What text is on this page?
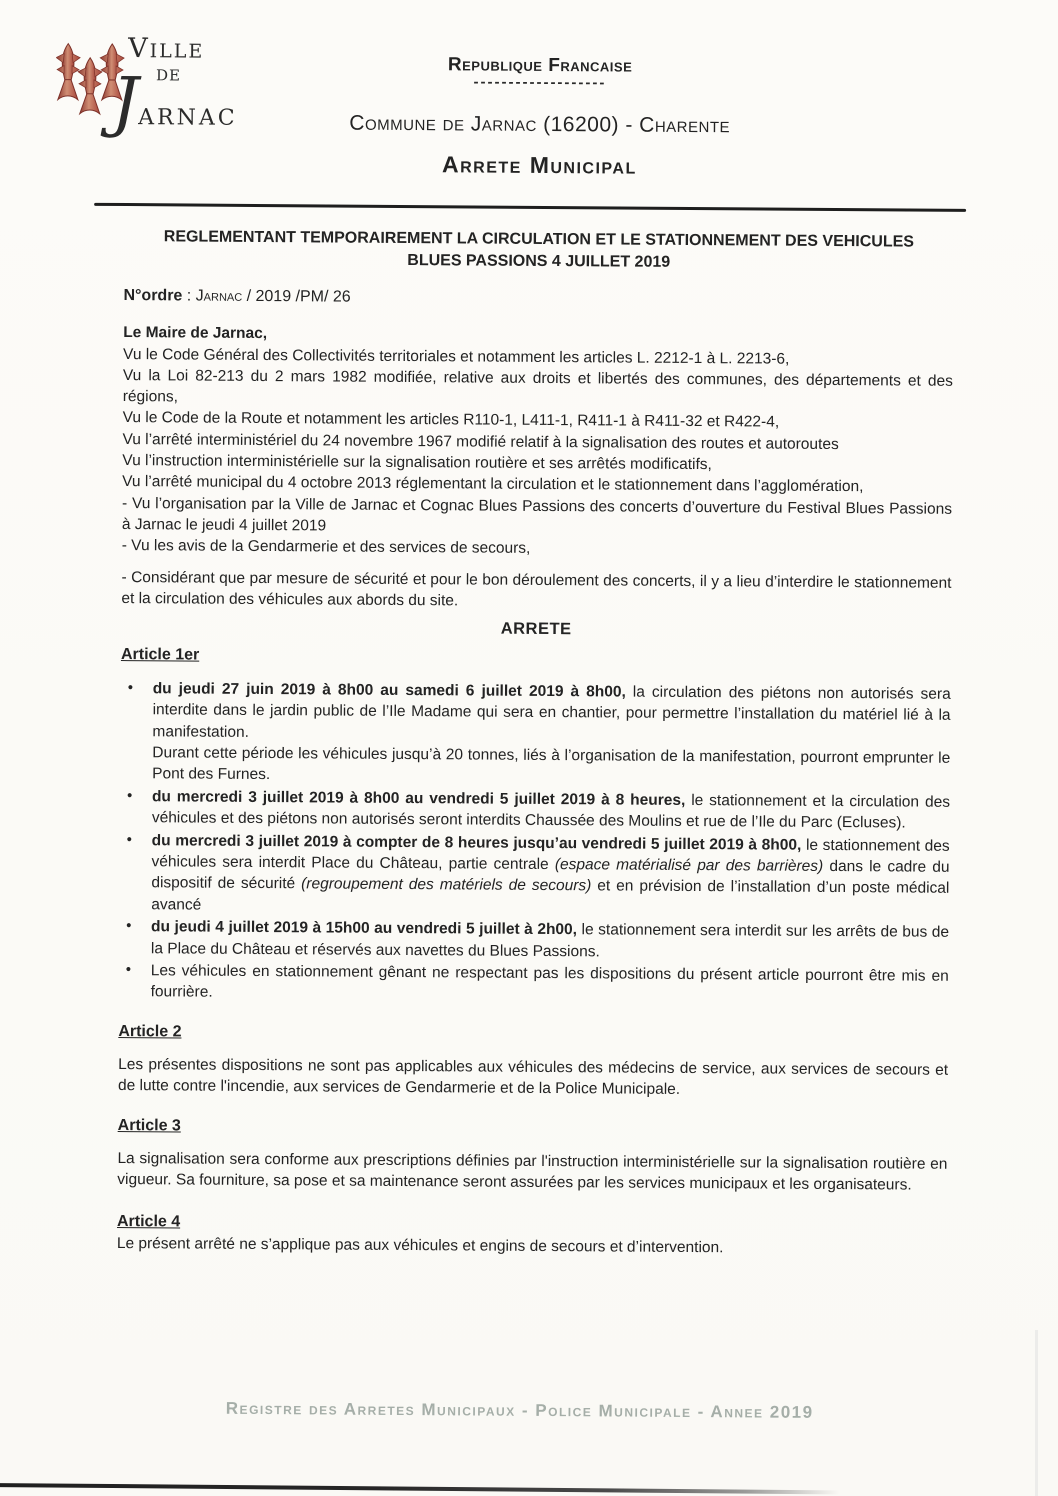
Ville
de
Jarnac
Republique Francaise
-------------------
Commune de Jarnac (16200) - Charente
Arrete Municipal
REGLEMENTANT TEMPORAIREMENT LA CIRCULATION ET LE STATIONNEMENT DES VEHICULES
BLUES PASSIONS 4 JUILLET 2019
N°ordre : Jarnac / 2019 /PM/ 26
Le Maire de Jarnac,
Vu le Code Général des Collectivités territoriales et notamment les articles L. 2212-1 à L. 2213-6,
Vu la Loi 82-213 du 2 mars 1982 modifiée, relative aux droits et libertés des communes, des départements et des régions,
Vu le Code de la Route et notamment les articles R110-1, L411-1, R411-1 à R411-32 et R422-4,
Vu l’arrêté interministériel du 24 novembre 1967 modifié relatif à la signalisation des routes et autoroutes
Vu l’instruction interministérielle sur la signalisation routière et ses arrêtés modificatifs,
Vu l’arrêté municipal du 4 octobre 2013 réglementant la circulation et le stationnement dans l’agglomération,
- Vu l’organisation par la Ville de Jarnac et Cognac Blues Passions des concerts d’ouverture du Festival Blues Passions à Jarnac le jeudi 4 juillet 2019
- Vu les avis de la Gendarmerie et des services de secours,
- Considérant que par mesure de sécurité et pour le bon déroulement des concerts, il y a lieu d’interdire le stationnement et la circulation des véhicules aux abords du site.
ARRETE
Article 1er
• du jeudi 27 juin 2019 à 8h00 au samedi 6 juillet 2019 à 8h00, la circulation des piétons non autorisés sera interdite dans le jardin public de l’Ile Madame qui sera en chantier, pour permettre l’installation du matériel lié à la manifestation.
Durant cette période les véhicules jusqu’à 20 tonnes, liés à l’organisation de la manifestation, pourront emprunter le Pont des Furnes.
• du mercredi 3 juillet 2019 à 8h00 au vendredi 5 juillet 2019 à 8 heures, le stationnement et la circulation des véhicules et des piétons non autorisés seront interdits Chaussée des Moulins et rue de l’Ile du Parc (Ecluses).
• du mercredi 3 juillet 2019 à compter de 8 heures jusqu’au vendredi 5 juillet 2019 à 8h00, le stationnement des véhicules sera interdit Place du Château, partie centrale (espace matérialisé par des barrières) dans le cadre du dispositif de sécurité (regroupement des matériels de secours) et en prévision de l’installation d’un poste médical avancé
• du jeudi 4 juillet 2019 à 15h00 au vendredi 5 juillet à 2h00, le stationnement sera interdit sur les arrêts de bus de la Place du Château et réservés aux navettes du Blues Passions.
• Les véhicules en stationnement gênant ne respectant pas les dispositions du présent article pourront être mis en fourrière.
Article 2
Les présentes dispositions ne sont pas applicables aux véhicules des médecins de service, aux services de secours et de lutte contre l'incendie, aux services de Gendarmerie et de la Police Municipale.
Article 3
La signalisation sera conforme aux prescriptions définies par l'instruction interministérielle sur la signalisation routière en vigueur. Sa fourniture, sa pose et sa maintenance seront assurées par les services municipaux et les organisateurs.
Article 4
Le présent arrêté ne s’applique pas aux véhicules et engins de secours et d’intervention.
Registre des Arretes Municipaux - Police Municipale - Annee 2019
